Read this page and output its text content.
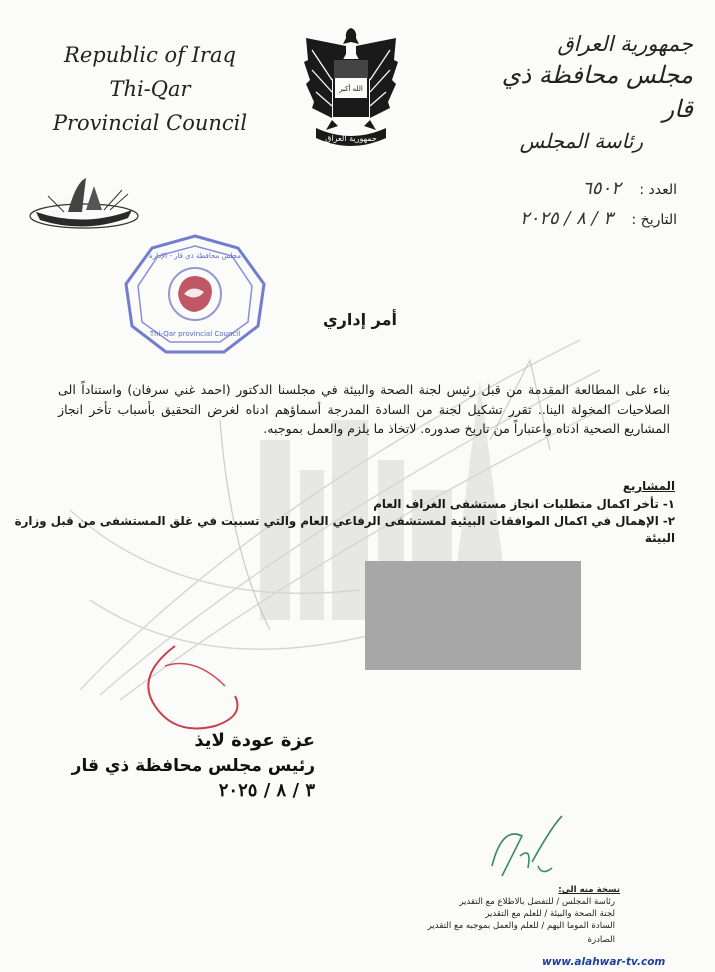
Republic of Iraq
Thi-Qar
Provincial Council
الله أكبر
جمهورية العراق
جمهورية العراق
مجلس محافظة ذي قار
رئاسة المجلس
العدد : ٦٥٠٢
التاريخ : ٣ / ٨ / ٢٠٢٥
مجلس محافظة ذي قار - الإدارة
Thi-Qar provincial Council
أمر إداري
بناء على المطالعة المقدمة من قبل رئيس لجنة الصحة والبيئة في مجلسنا الدكتور (احمد غني سرفان) واستناداً الى الصلاحيات المخولة الينا.. تقرر تشكيل لجنة من السادة المدرجة أسماؤهم ادناه لغرض التحقيق بأسباب تأخر انجاز المشاريع الصحية ادناه واعتباراً من تاريخ صدوره. لاتخاذ ما يلزم والعمل بموجبه.
المشاريع
١- تأخر اكمال متطلبات انجاز مستشفى الغراف العام
٢- الإهمال في اكمال الموافقات البيئية لمستشفى الرفاعي العام والتي تسببت في غلق المستشفى من قبل وزارة البيئة
عزة عودة لايذ
رئيس مجلس محافظة ذي قار
٣ / ٨ / ٢٠٢٥
نسخة منه الى:
رئاسة المجلس / للتفضل بالاطلاع مع التقدير
لجنة الصحة والبيئة / للعلم مع التقدير
السادة الموما اليهم / للعلم والعمل بموجبه مع التقدير
الصادرة
www.alahwar-tv.com
